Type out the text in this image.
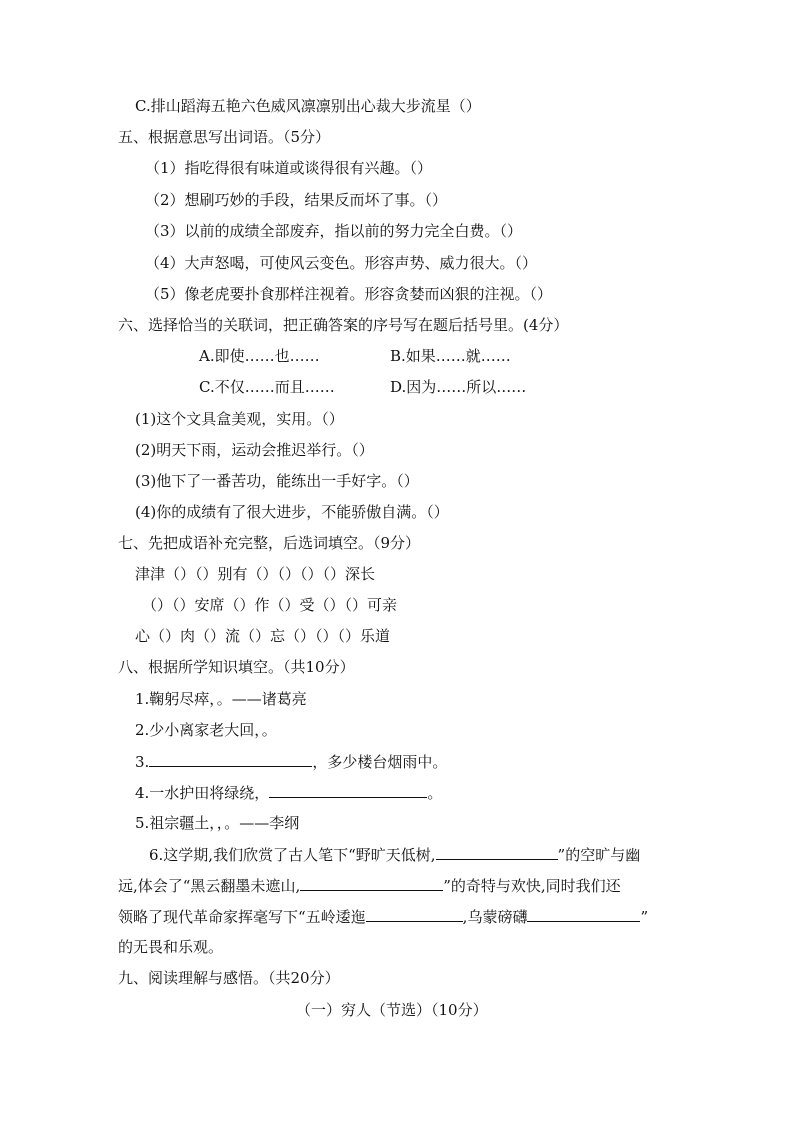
C.排山蹈海五艳六色威风凛凛别出心裁大步流星（）
五、根据意思写出词语。（5分）
（1）指吃得很有味道或谈得很有兴趣。（）
（2）想刷巧妙的手段，结果反而坏了事。（）
（3）以前的成绩全部废弃，指以前的努力完全白费。（）
（4）大声怒喝，可使风云变色。形容声势、威力很大。（）
（5）像老虎要扑食那样注视着。形容贪婪而凶狠的注视。（）
六、选择恰当的关联词，把正确答案的序号写在题后括号里。(4分）
A.即使……也……	B.如果……就……
C.不仅……而且……	D.因为……所以……
(1)这个文具盒美观，实用。（）
(2)明天下雨，运动会推迟举行。（）
(3)他下了一番苦功，能练出一手好字。（）
(4)你的成绩有了很大进步，不能骄傲自满。（）
七、先把成语补充完整，后选词填空。（9分）
津津（）（）别有（）（）（）（）深长
（）（）安席（）作（）受（）（）可亲
心（）肉（）流（）忘（）（）（）乐道
八、根据所学知识填空。（共10分）
1.鞠躬尽瘁，。——诸葛亮
2.少小离家老大回，。
3.	，多少楼台烟雨中。
4.一水护田将绿绕，	。
5.祖宗疆土，，。——李纲
6.这学期,我们欣赏了古人笔下“野旷天低树,	”的空旷与幽
远,体会了“黑云翻墨未遮山,	”的奇特与欢快,同时我们还
领略了现代革命家挥毫写下“五岭逶迤	,乌蒙磅礴	”
的无畏和乐观。
九、阅读理解与感悟。（共20分）
（一）穷人（节选）（10分）
